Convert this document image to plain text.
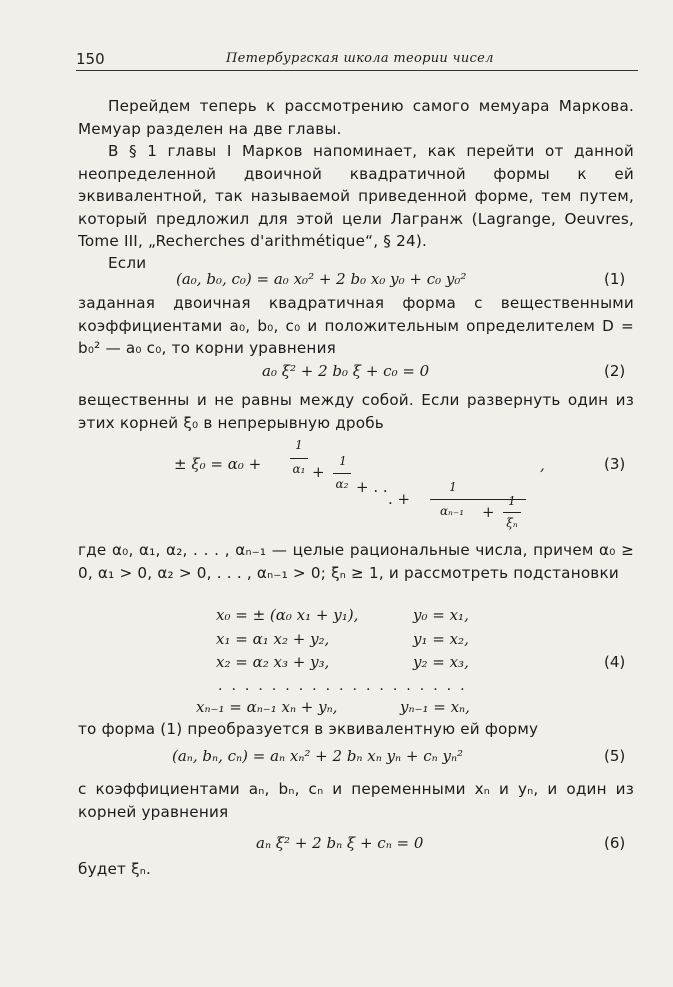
150	Петербургская школа теории чисел
Перейдем теперь к рассмотрению самого мемуара Маркова. Мемуар разделен на две главы.
В § 1 главы I Марков напоминает, как перейти от данной неопределенной двоичной квадратичной формы к ей эквивалентной, так называемой приведенной форме, тем путем, который предложил для этой цели Лагранж (Lagrange, Oeuvres, Tome III, „Recherches d'arithmétique“, § 24).
Если
(a₀, b₀, c₀) = a₀ x₀² + 2 b₀ x₀ y₀ + c₀ y₀²	(1)
заданная двоичная квадратичная форма с вещественными коэффициентами a₀, b₀, c₀ и положительным определителем D = b₀² — a₀ c₀, то корни уравнения
a₀ ξ² + 2 b₀ ξ + c₀ = 0	(2)
вещественны и не равны между собой. Если развернуть один из этих корней ξ₀ в непрерывную дробь
± ξ₀ = α₀ +
1
α₁ +
1
α₂ + . .
. +
1
αₙ₋₁	+
1
ξₙ
,	(3)
где α₀, α₁, α₂, . . . , αₙ₋₁ — целые рациональные числа, причем α₀ ≥ 0, α₁ > 0, α₂ > 0, . . . , αₙ₋₁ > 0; ξₙ ≥ 1, и рассмотреть подстановки
x₀ = ± (α₀ x₁ + y₁),	y₀ = x₁,
x₁ = α₁ x₂ + y₂,	y₁ = x₂,
x₂ = α₂ x₃ + y₃,	y₂ = x₃,	(4)
...................
xₙ₋₁ = αₙ₋₁ xₙ + yₙ,	yₙ₋₁ = xₙ,
то форма (1) преобразуется в эквивалентную ей форму
(aₙ, bₙ, cₙ) = aₙ xₙ² + 2 bₙ xₙ yₙ + cₙ yₙ²	(5)
с коэффициентами aₙ, bₙ, cₙ и переменными xₙ и yₙ, и один из корней уравнения
aₙ ξ² + 2 bₙ ξ + cₙ = 0	(6)
будет ξₙ.
